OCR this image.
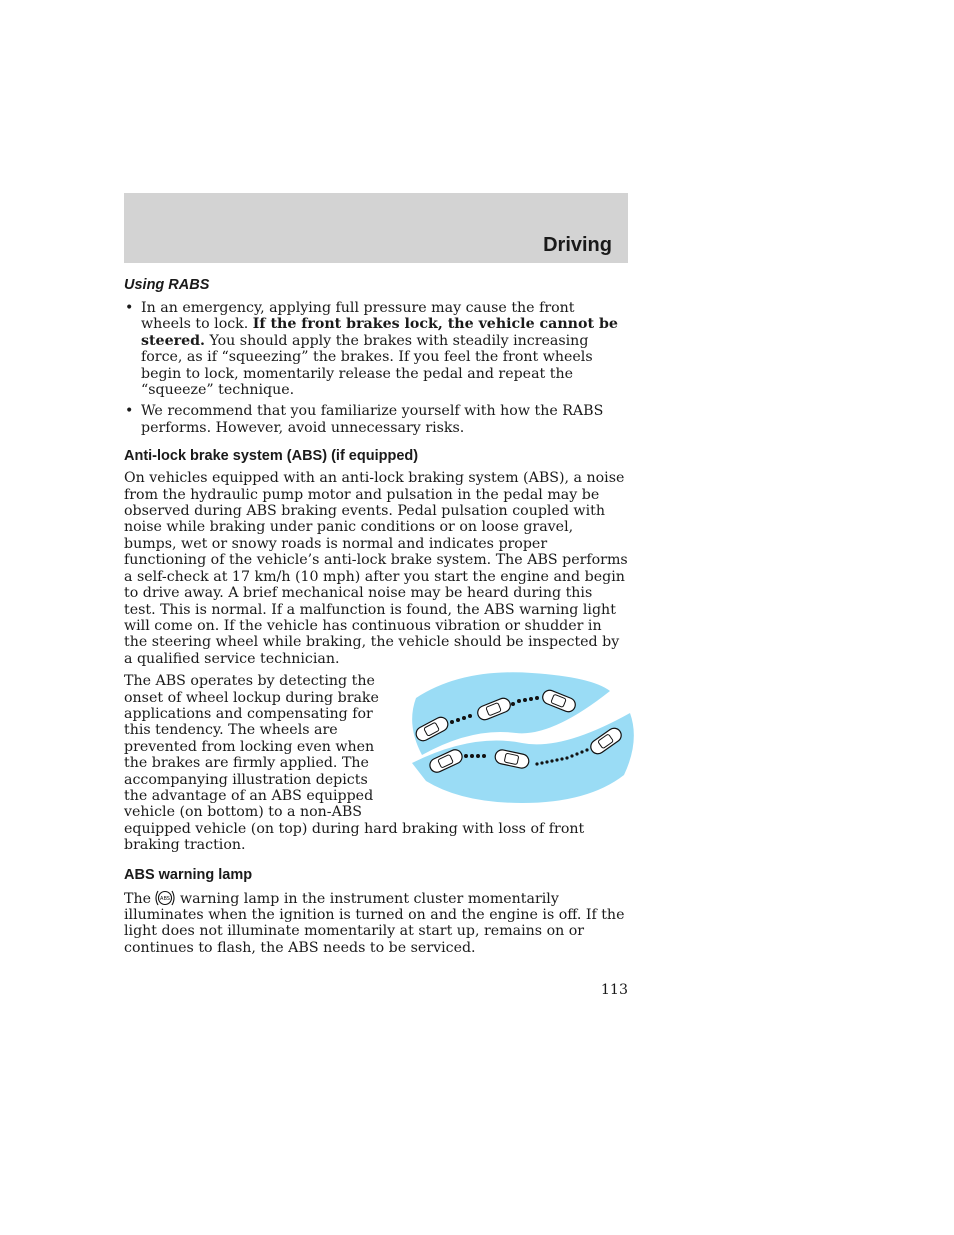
Driving
Using RABS
• In an emergency, applying full pressure may cause the front wheels to lock. If the front brakes lock, the vehicle cannot be steered. You should apply the brakes with steadily increasing force, as if “squeezing” the brakes. If you feel the front wheels begin to lock, momentarily release the pedal and repeat the “squeeze” technique.
• We recommend that you familiarize yourself with how the RABS performs. However, avoid unnecessary risks.
Anti-lock brake system (ABS) (if equipped)

On vehicles equipped with an anti-lock braking system (ABS), a noise from the hydraulic pump motor and pulsation in the pedal may be observed during ABS braking events. Pedal pulsation coupled with noise while braking under panic conditions or on loose gravel, bumps, wet or snowy roads is normal and indicates proper functioning of the vehicle’s anti-lock brake system. The ABS performs a self-check at 17 km/h (10 mph) after you start the engine and begin to drive away. A brief mechanical noise may be heard during this test. This is normal. If a malfunction is found, the ABS warning light will come on. If the vehicle has continuous vibration or shudder in the steering wheel while braking, the vehicle should be inspected by a qualified service technician.

The ABS operates by detecting the onset of wheel lockup during brake applications and compensating for this tendency. The wheels are prevented from locking even when the brakes are firmly applied. The accompanying illustration depicts the advantage of an ABS equipped vehicle (on bottom) to a non-ABS equipped vehicle (on top) during hard braking with loss of front braking traction.

ABS warning lamp

The ABS warning lamp in the instrument cluster momentarily illuminates when the ignition is turned on and the engine is off. If the light does not illuminate momentarily at start up, remains on or continues to flash, the ABS needs to be serviced.

113
